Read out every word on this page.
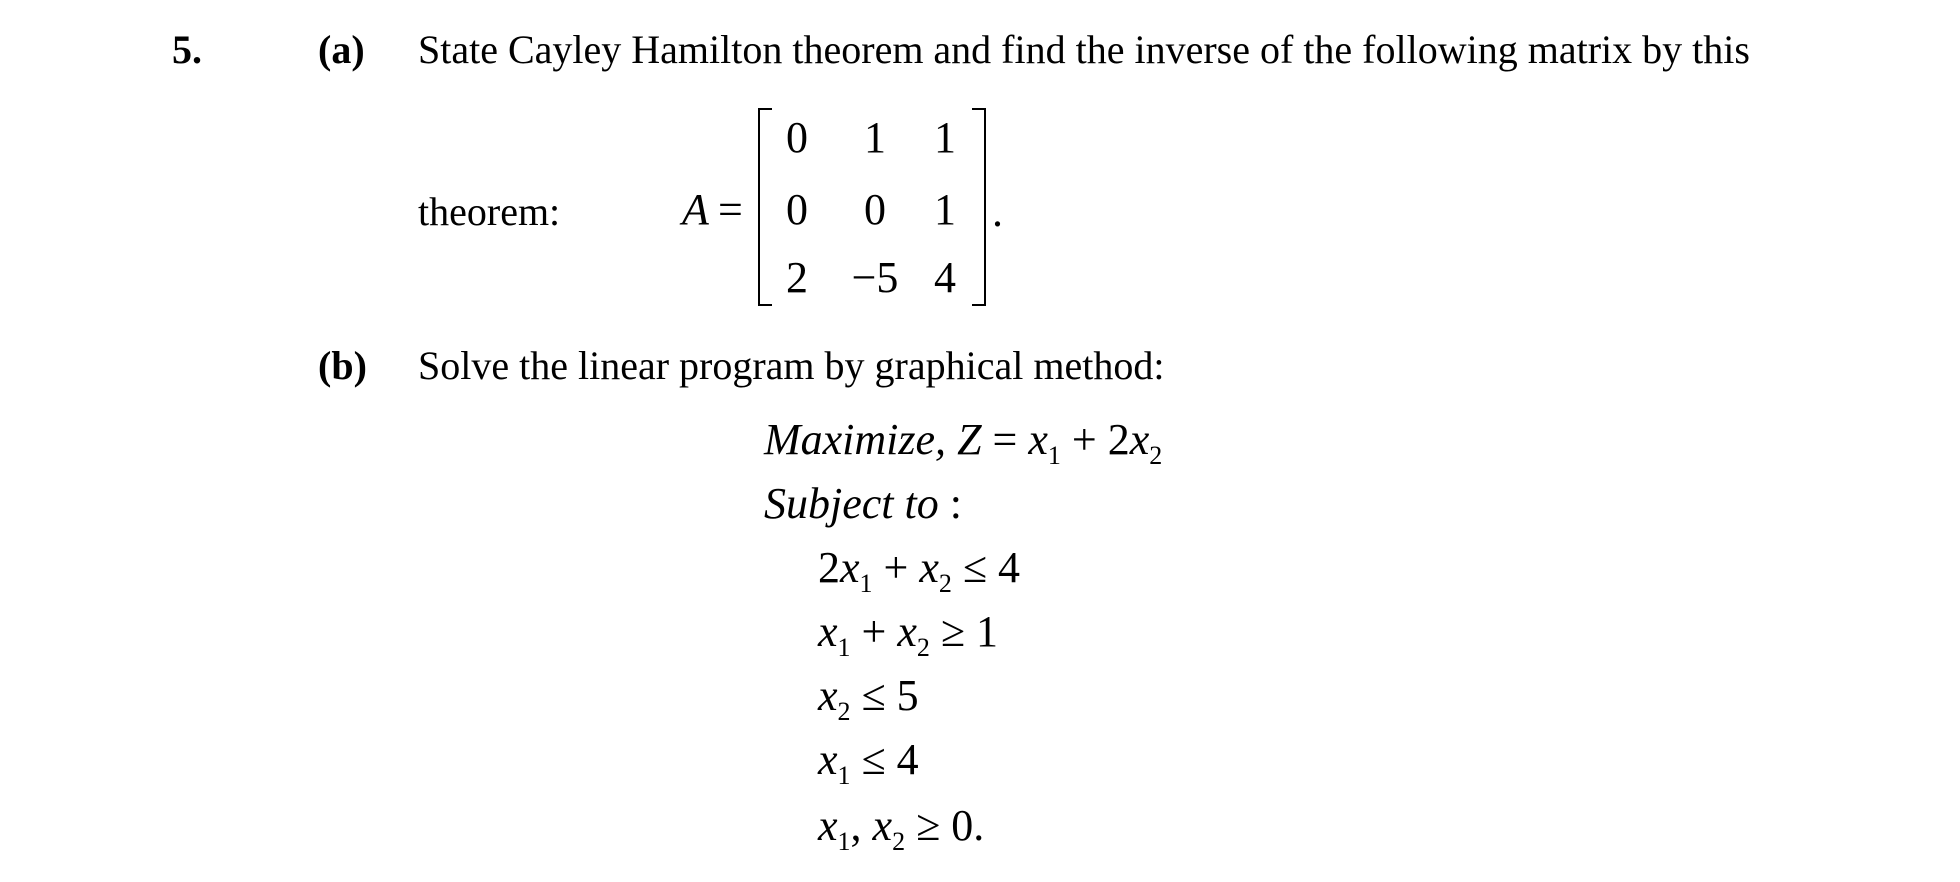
5.	(a) State Cayley Hamilton theorem and find the inverse of the following matrix by this
theorem:	A =
0	1	1
0	0	1
2 −5 4
.
(b) Solve the linear program by graphical method:
Maximize, $Z = x_1 + 2x_2$
Subject to :
$2x_1 + x_2 \le 4$
$x_1 + x_2 \ge 1$
$x_2 \le 5$
$x_1 \le 4$
$x_1$, $x_2 \ge 0$.
